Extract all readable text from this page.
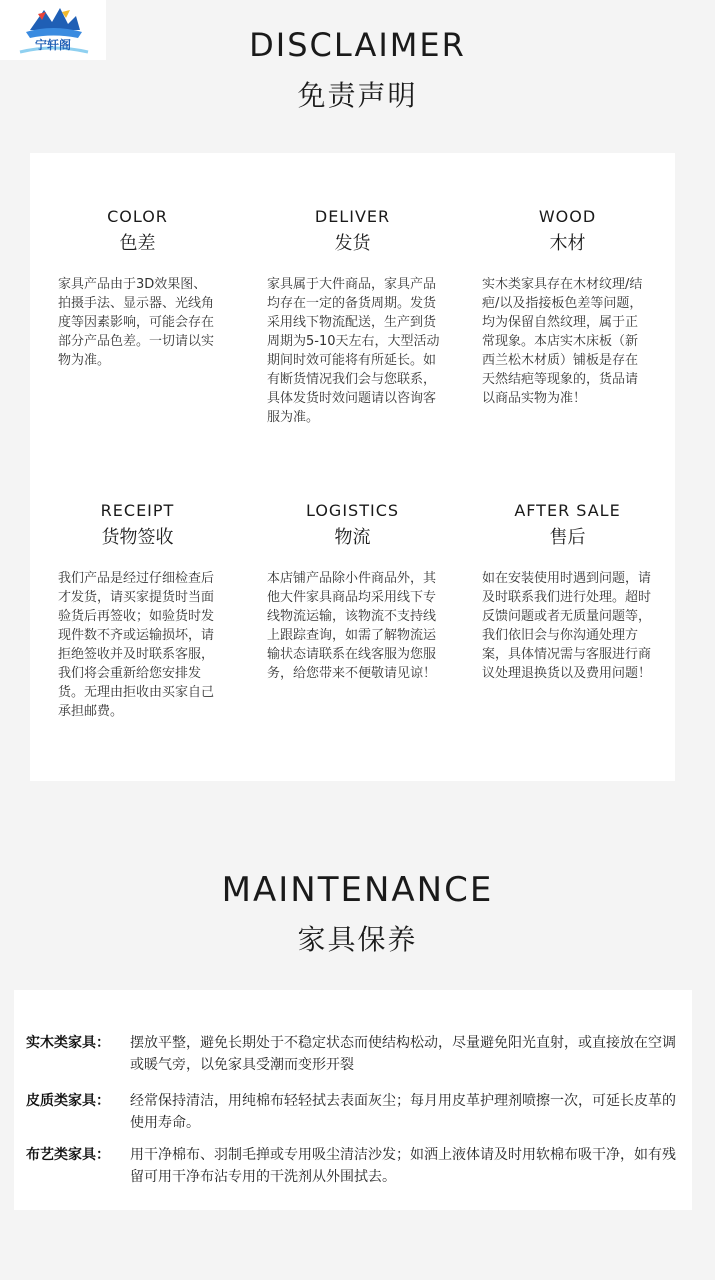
宁轩阁	DISCLAIMER
免责声明
COLOR
色差
家具产品由于3D效果图、拍摄手法、显示器、光线角度等因素影响，可能会存在部分产品色差。一切请以实物为准。
DELIVER
发货
家具属于大件商品，家具产品均存在一定的备货周期。发货采用线下物流配送，生产到货周期为5-10天左右，大型活动期间时效可能将有所延长。如有断货情况我们会与您联系，具体发货时效问题请以咨询客服为准。
WOOD
木材
实木类家具存在木材纹理/结疤/以及指接板色差等问题，均为保留自然纹理，属于正常现象。本店实木床板（新西兰松木材质）铺板是存在天然结疤等现象的，货品请以商品实物为准！
RECEIPT
货物签收
我们产品是经过仔细检查后才发货，请买家提货时当面验货后再签收；如验货时发现件数不齐或运输损坏，请拒绝签收并及时联系客服，我们将会重新给您安排发货。无理由拒收由买家自己承担邮费。
LOGISTICS
物流
本店铺产品除小件商品外，其他大件家具商品均采用线下专线物流运输，该物流不支持线上跟踪查询，如需了解物流运输状态请联系在线客服为您服务，给您带来不便敬请见谅！
AFTER SALE
售后
如在安装使用时遇到问题，请及时联系我们进行处理。超时反馈问题或者无质量问题等，我们依旧会与你沟通处理方案，具体情况需与客服进行商议处理退换货以及费用问题！
MAINTENANCE
家具保养
实木类家具：	摆放平整，避免长期处于不稳定状态而使结构松动，尽量避免阳光直射，或直接放在空调或暖气旁，以免家具受潮而变形开裂
皮质类家具：	经常保持清洁，用纯棉布轻轻拭去表面灰尘；每月用皮革护理剂喷擦一次，可延长皮革的使用寿命。
布艺类家具：	用干净棉布、羽制毛掸或专用吸尘清洁沙发；如洒上液体请及时用软棉布吸干净，如有残留可用干净布沾专用的干洗剂从外围拭去。
